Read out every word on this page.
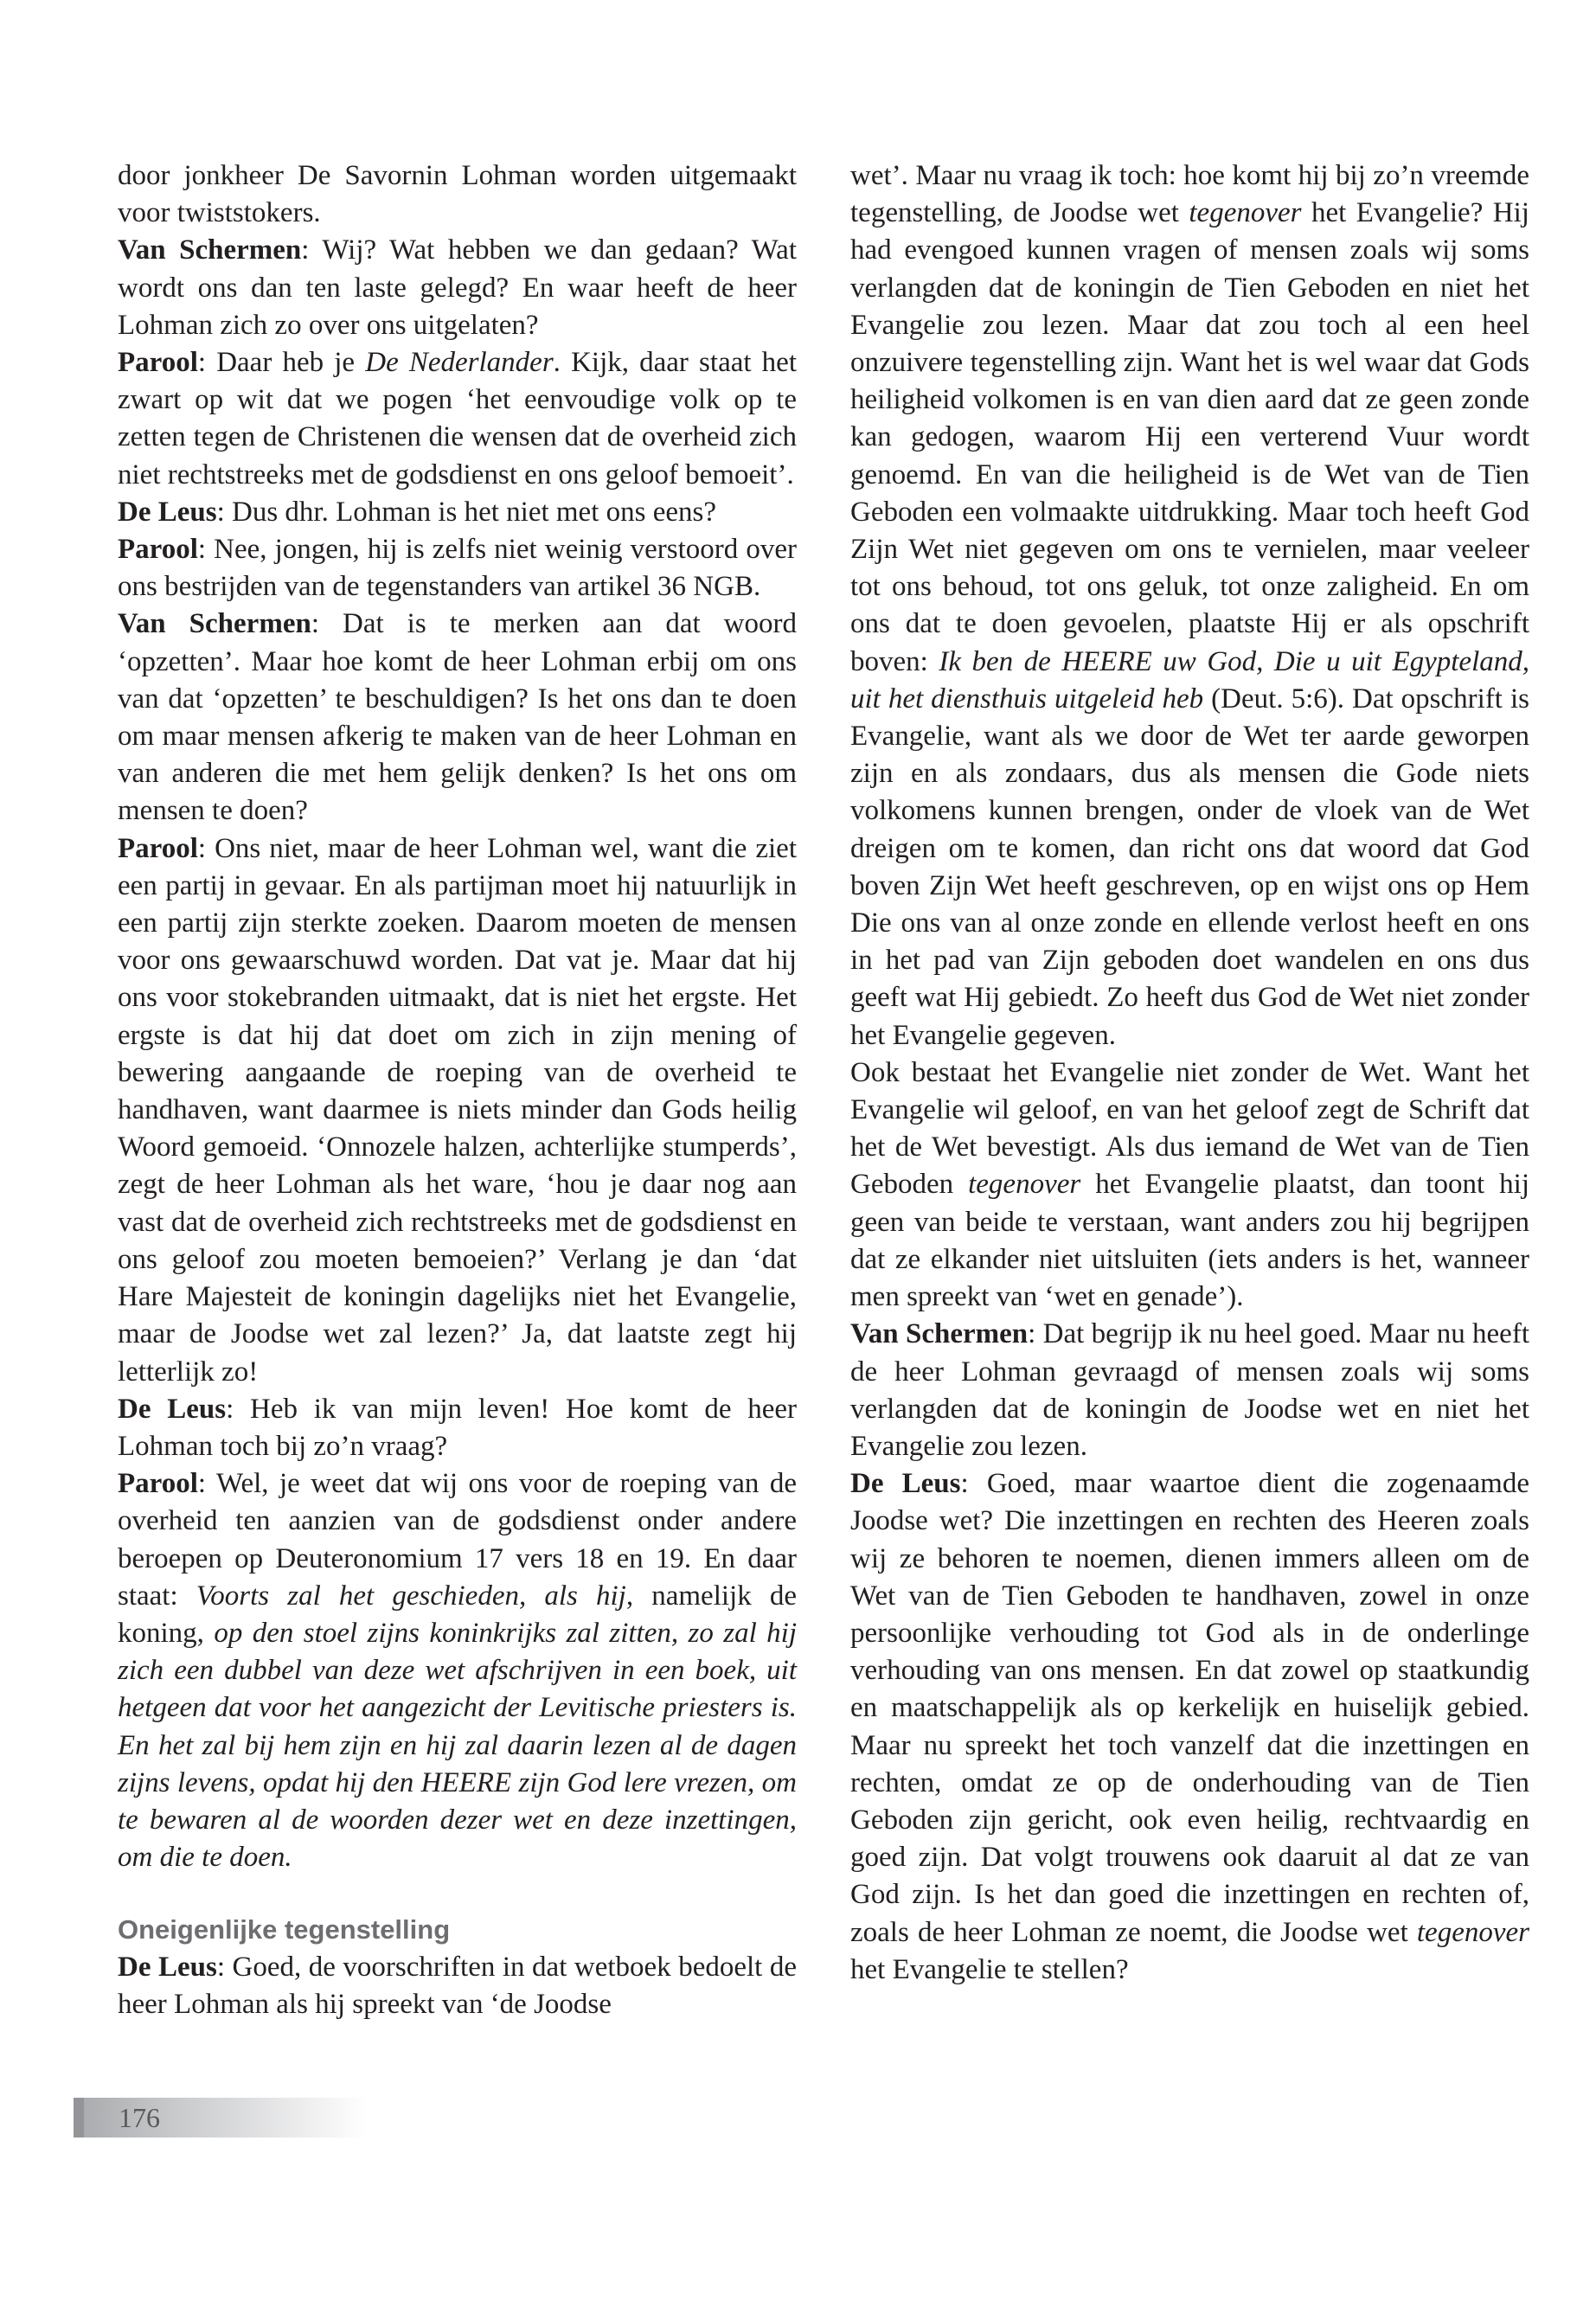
door jonkheer De Savornin Lohman worden uitgemaakt voor twiststokers.

Van Schermen: Wij? Wat hebben we dan gedaan? Wat wordt ons dan ten laste gelegd? En waar heeft de heer Lohman zich zo over ons uitgelaten?

Parool: Daar heb je De Nederlander. Kijk, daar staat het zwart op wit dat we pogen ‘het eenvoudige volk op te zetten tegen de Christenen die wensen dat de overheid zich niet rechtstreeks met de godsdienst en ons geloof bemoeit’.

De Leus: Dus dhr. Lohman is het niet met ons eens?

Parool: Nee, jongen, hij is zelfs niet weinig verstoord over ons bestrijden van de tegenstanders van artikel 36 NGB.

Van Schermen: Dat is te merken aan dat woord ‘opzetten’. Maar hoe komt de heer Lohman erbij om ons van dat ‘opzetten’ te beschuldigen? Is het ons dan te doen om maar mensen afkerig te maken van de heer Lohman en van anderen die met hem gelijk denken? Is het ons om mensen te doen?

Parool: Ons niet, maar de heer Lohman wel, want die ziet een partij in gevaar. En als partijman moet hij natuurlijk in een partij zijn sterkte zoeken. Daarom moeten de mensen voor ons gewaarschuwd worden. Dat vat je. Maar dat hij ons voor stokebranden uitmaakt, dat is niet het ergste. Het ergste is dat hij dat doet om zich in zijn mening of bewering aangaande de roeping van de overheid te handhaven, want daarmee is niets minder dan Gods heilig Woord gemoeid. ‘Onnozele halzen, achterlijke stumperds’, zegt de heer Lohman als het ware, ‘hou je daar nog aan vast dat de overheid zich rechtstreeks met de godsdienst en ons geloof zou moeten bemoeien?’ Verlang je dan ‘dat Hare Majesteit de koningin dagelijks niet het Evangelie, maar de Joodse wet zal lezen?’ Ja, dat laatste zegt hij letterlijk zo!

De Leus: Heb ik van mijn leven! Hoe komt de heer Lohman toch bij zo’n vraag?

Parool: Wel, je weet dat wij ons voor de roeping van de overheid ten aanzien van de godsdienst onder andere beroepen op Deuteronomium 17 vers 18 en 19. En daar staat: Voorts zal het geschieden, als hij, namelijk de koning, op den stoel zijns koninkrijks zal zitten, zo zal hij zich een dubbel van deze wet afschrijven in een boek, uit hetgeen dat voor het aangezicht der Levitische priesters is. En het zal bij hem zijn en hij zal daarin lezen al de dagen zijns levens, opdat hij den HEERE zijn God lere vrezen, om te bewaren al de woorden dezer wet en deze inzettingen, om die te doen.

Oneigenlijke tegenstelling

De Leus: Goed, de voorschriften in dat wetboek bedoelt de heer Lohman als hij spreekt van ‘de Joodse

wet’. Maar nu vraag ik toch: hoe komt hij bij zo’n vreemde tegenstelling, de Joodse wet tegenover het Evangelie? Hij had evengoed kunnen vragen of mensen zoals wij soms verlangden dat de koningin de Tien Geboden en niet het Evangelie zou lezen. Maar dat zou toch al een heel onzuivere tegenstelling zijn. Want het is wel waar dat Gods heiligheid volkomen is en van dien aard dat ze geen zonde kan gedogen, waarom Hij een verterend Vuur wordt genoemd. En van die heiligheid is de Wet van de Tien Geboden een volmaakte uitdrukking. Maar toch heeft God Zijn Wet niet gegeven om ons te vernielen, maar veeleer tot ons behoud, tot ons geluk, tot onze zaligheid. En om ons dat te doen gevoelen, plaatste Hij er als opschrift boven: Ik ben de HEERE uw God, Die u uit Egypteland, uit het diensthuis uitgeleid heb (Deut. 5:6). Dat opschrift is Evangelie, want als we door de Wet ter aarde geworpen zijn en als zondaars, dus als mensen die Gode niets volkomens kunnen brengen, onder de vloek van de Wet dreigen om te komen, dan richt ons dat woord dat God boven Zijn Wet heeft geschreven, op en wijst ons op Hem Die ons van al onze zonde en ellende verlost heeft en ons in het pad van Zijn geboden doet wandelen en ons dus geeft wat Hij gebiedt. Zo heeft dus God de Wet niet zonder het Evangelie gegeven.

Ook bestaat het Evangelie niet zonder de Wet. Want het Evangelie wil geloof, en van het geloof zegt de Schrift dat het de Wet bevestigt. Als dus iemand de Wet van de Tien Geboden tegenover het Evangelie plaatst, dan toont hij geen van beide te verstaan, want anders zou hij begrijpen dat ze elkander niet uitsluiten (iets anders is het, wanneer men spreekt van ‘wet en genade’).

Van Schermen: Dat begrijp ik nu heel goed. Maar nu heeft de heer Lohman gevraagd of mensen zoals wij soms verlangden dat de koningin de Joodse wet en niet het Evangelie zou lezen.

De Leus: Goed, maar waartoe dient die zogenaamde Joodse wet? Die inzettingen en rechten des Heeren zoals wij ze behoren te noemen, dienen immers alleen om de Wet van de Tien Geboden te handhaven, zowel in onze persoonlijke verhouding tot God als in de onderlinge verhouding van ons mensen. En dat zowel op staatkundig en maatschappelijk als op kerkelijk en huiselijk gebied. Maar nu spreekt het toch vanzelf dat die inzettingen en rechten, omdat ze op de onderhouding van de Tien Geboden zijn gericht, ook even heilig, rechtvaardig en goed zijn. Dat volgt trouwens ook daaruit al dat ze van God zijn. Is het dan goed die inzettingen en rechten of, zoals de heer Lohman ze noemt, die Joodse wet tegenover het Evangelie te stellen?

176
